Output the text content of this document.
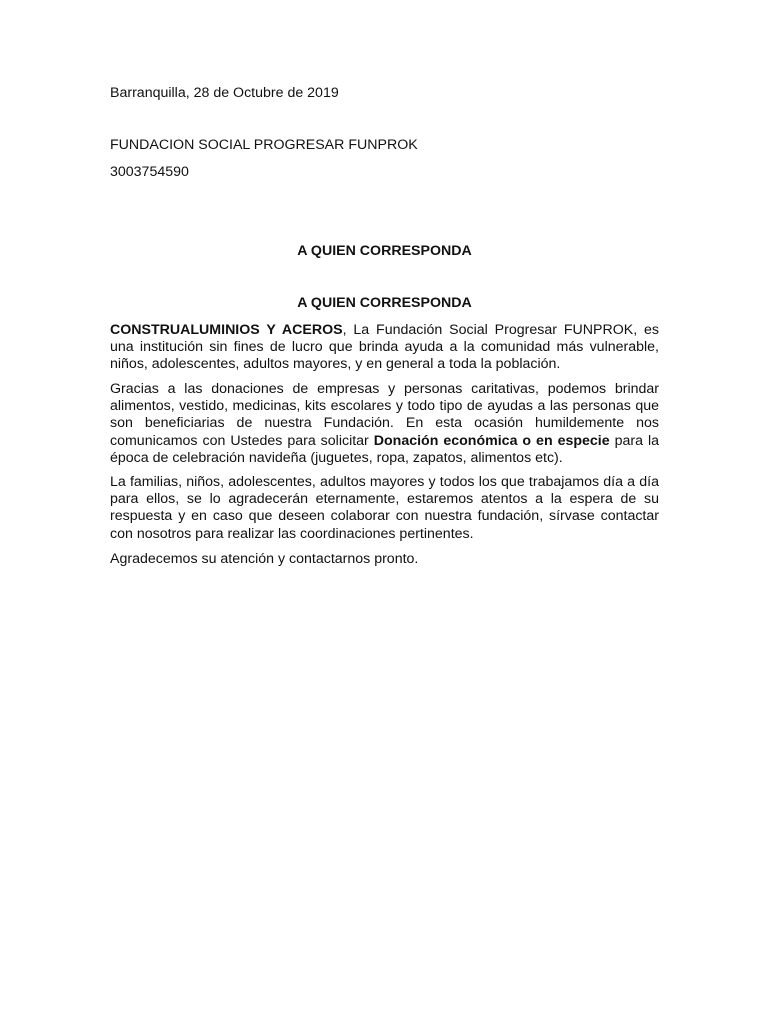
Barranquilla, 28 de Octubre de 2019

FUNDACION SOCIAL PROGRESAR FUNPROK

3003754590

A QUIEN CORRESPONDA

A QUIEN CORRESPONDA

CONSTRUALUMINIOS Y ACEROS, La Fundación Social Progresar FUNPROK, es una institución sin fines de lucro que brinda ayuda a la comunidad más vulnerable, niños, adolescentes, adultos mayores, y en general a toda la población.

Gracias a las donaciones de empresas y personas caritativas, podemos brindar alimentos, vestido, medicinas, kits escolares y todo tipo de ayudas a las personas que son beneficiarias de nuestra Fundación. En esta ocasión humildemente nos comunicamos con Ustedes para solicitar Donación económica o en especie para la época de celebración navideña (juguetes, ropa, zapatos, alimentos etc).

La familias, niños, adolescentes, adultos mayores y todos los que trabajamos día a día para ellos, se lo agradecerán eternamente, estaremos atentos a la espera de su respuesta y en caso que deseen colaborar con nuestra fundación, sírvase contactar con nosotros para realizar las coordinaciones pertinentes.

Agradecemos su atención y contactarnos pronto.
